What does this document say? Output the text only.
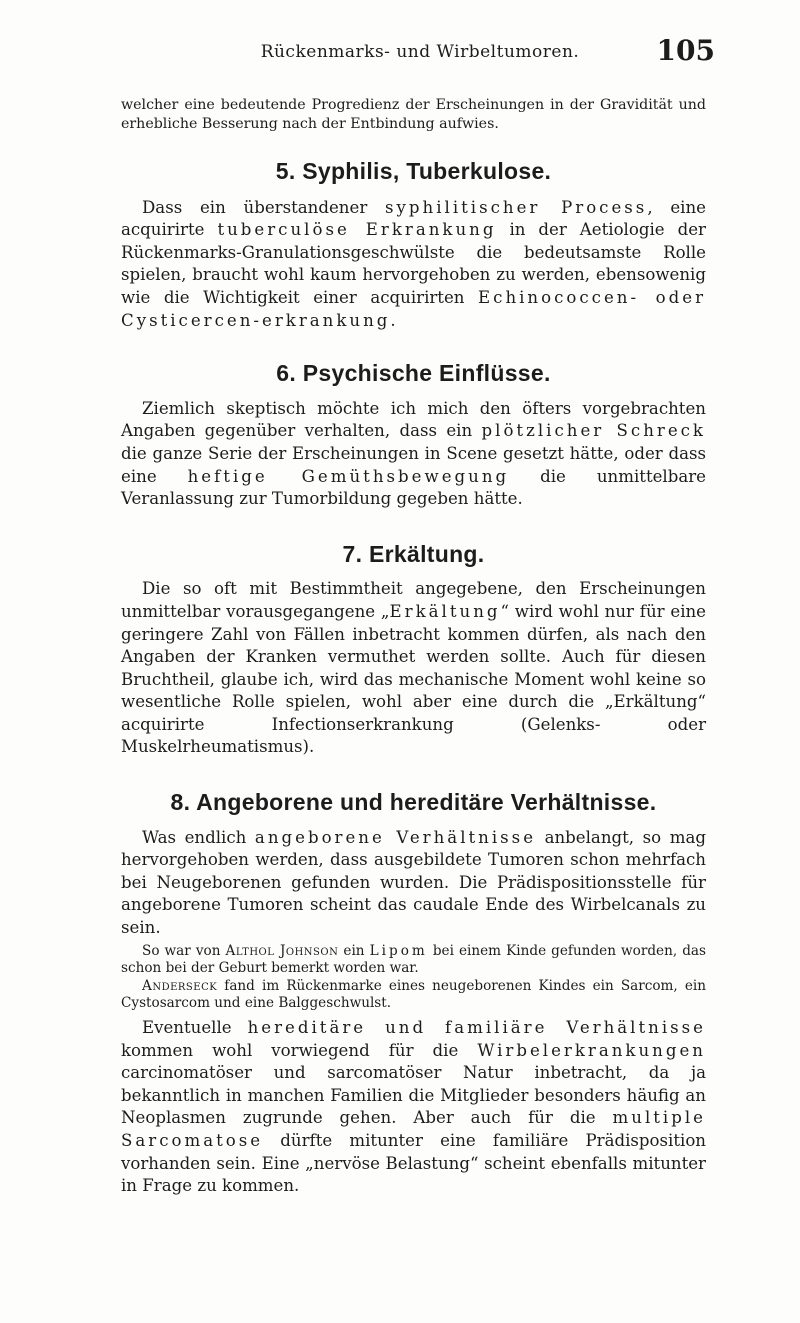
Rückenmarks- und Wirbeltumoren.	105

welcher eine bedeutende Progredienz der Erscheinungen in der Gravidität und erhebliche Besserung nach der Entbindung aufwies.

5. Syphilis, Tuberkulose.

Dass ein überstandener syphilitischer Process, eine acquirirte tuberculöse Erkrankung in der Aetiologie der Rückenmarks-Granulationsgeschwülste die bedeutsamste Rolle spielen, braucht wohl kaum hervorgehoben zu werden, ebensowenig wie die Wichtigkeit einer acquirirten Echinococcen- oder Cysticercen-erkrankung.

6. Psychische Einflüsse.

Ziemlich skeptisch möchte ich mich den öfters vorgebrachten Angaben gegenüber verhalten, dass ein plötzlicher Schreck die ganze Serie der Erscheinungen in Scene gesetzt hätte, oder dass eine heftige Gemüthsbewegung die unmittelbare Veranlassung zur Tumorbildung gegeben hätte.

7. Erkältung.

Die so oft mit Bestimmtheit angegebene, den Erscheinungen unmittelbar vorausgegangene „Erkältung“ wird wohl nur für eine geringere Zahl von Fällen inbetracht kommen dürfen, als nach den Angaben der Kranken vermuthet werden sollte. Auch für diesen Bruchtheil, glaube ich, wird das mechanische Moment wohl keine so wesentliche Rolle spielen, wohl aber eine durch die „Erkältung“ acquirirte Infectionserkrankung (Gelenks- oder Muskelrheumatismus).

8. Angeborene und hereditäre Verhältnisse.

Was endlich angeborene Verhältnisse anbelangt, so mag hervorgehoben werden, dass ausgebildete Tumoren schon mehrfach bei Neugeborenen gefunden wurden. Die Prädispositionsstelle für angeborene Tumoren scheint das caudale Ende des Wirbelcanals zu sein.

So war von Althol Johnson ein Lipom bei einem Kinde gefunden worden, das schon bei der Geburt bemerkt worden war.

Andersеck fand im Rückenmarke eines neugeborenen Kindes ein Sarcom, ein Cystosarcom und eine Balggeschwulst.

Eventuelle hereditäre und familiäre Verhältnisse kommen wohl vorwiegend für die Wirbelerkrankungen carcinomatöser und sarcomatöser Natur inbetracht, da ja bekanntlich in manchen Familien die Mitglieder besonders häufig an Neoplasmen zugrunde gehen. Aber auch für die multiple Sarcomatose dürfte mitunter eine familiäre Prädisposition vorhanden sein. Eine „nervöse Belastung“ scheint ebenfalls mitunter in Frage zu kommen.
